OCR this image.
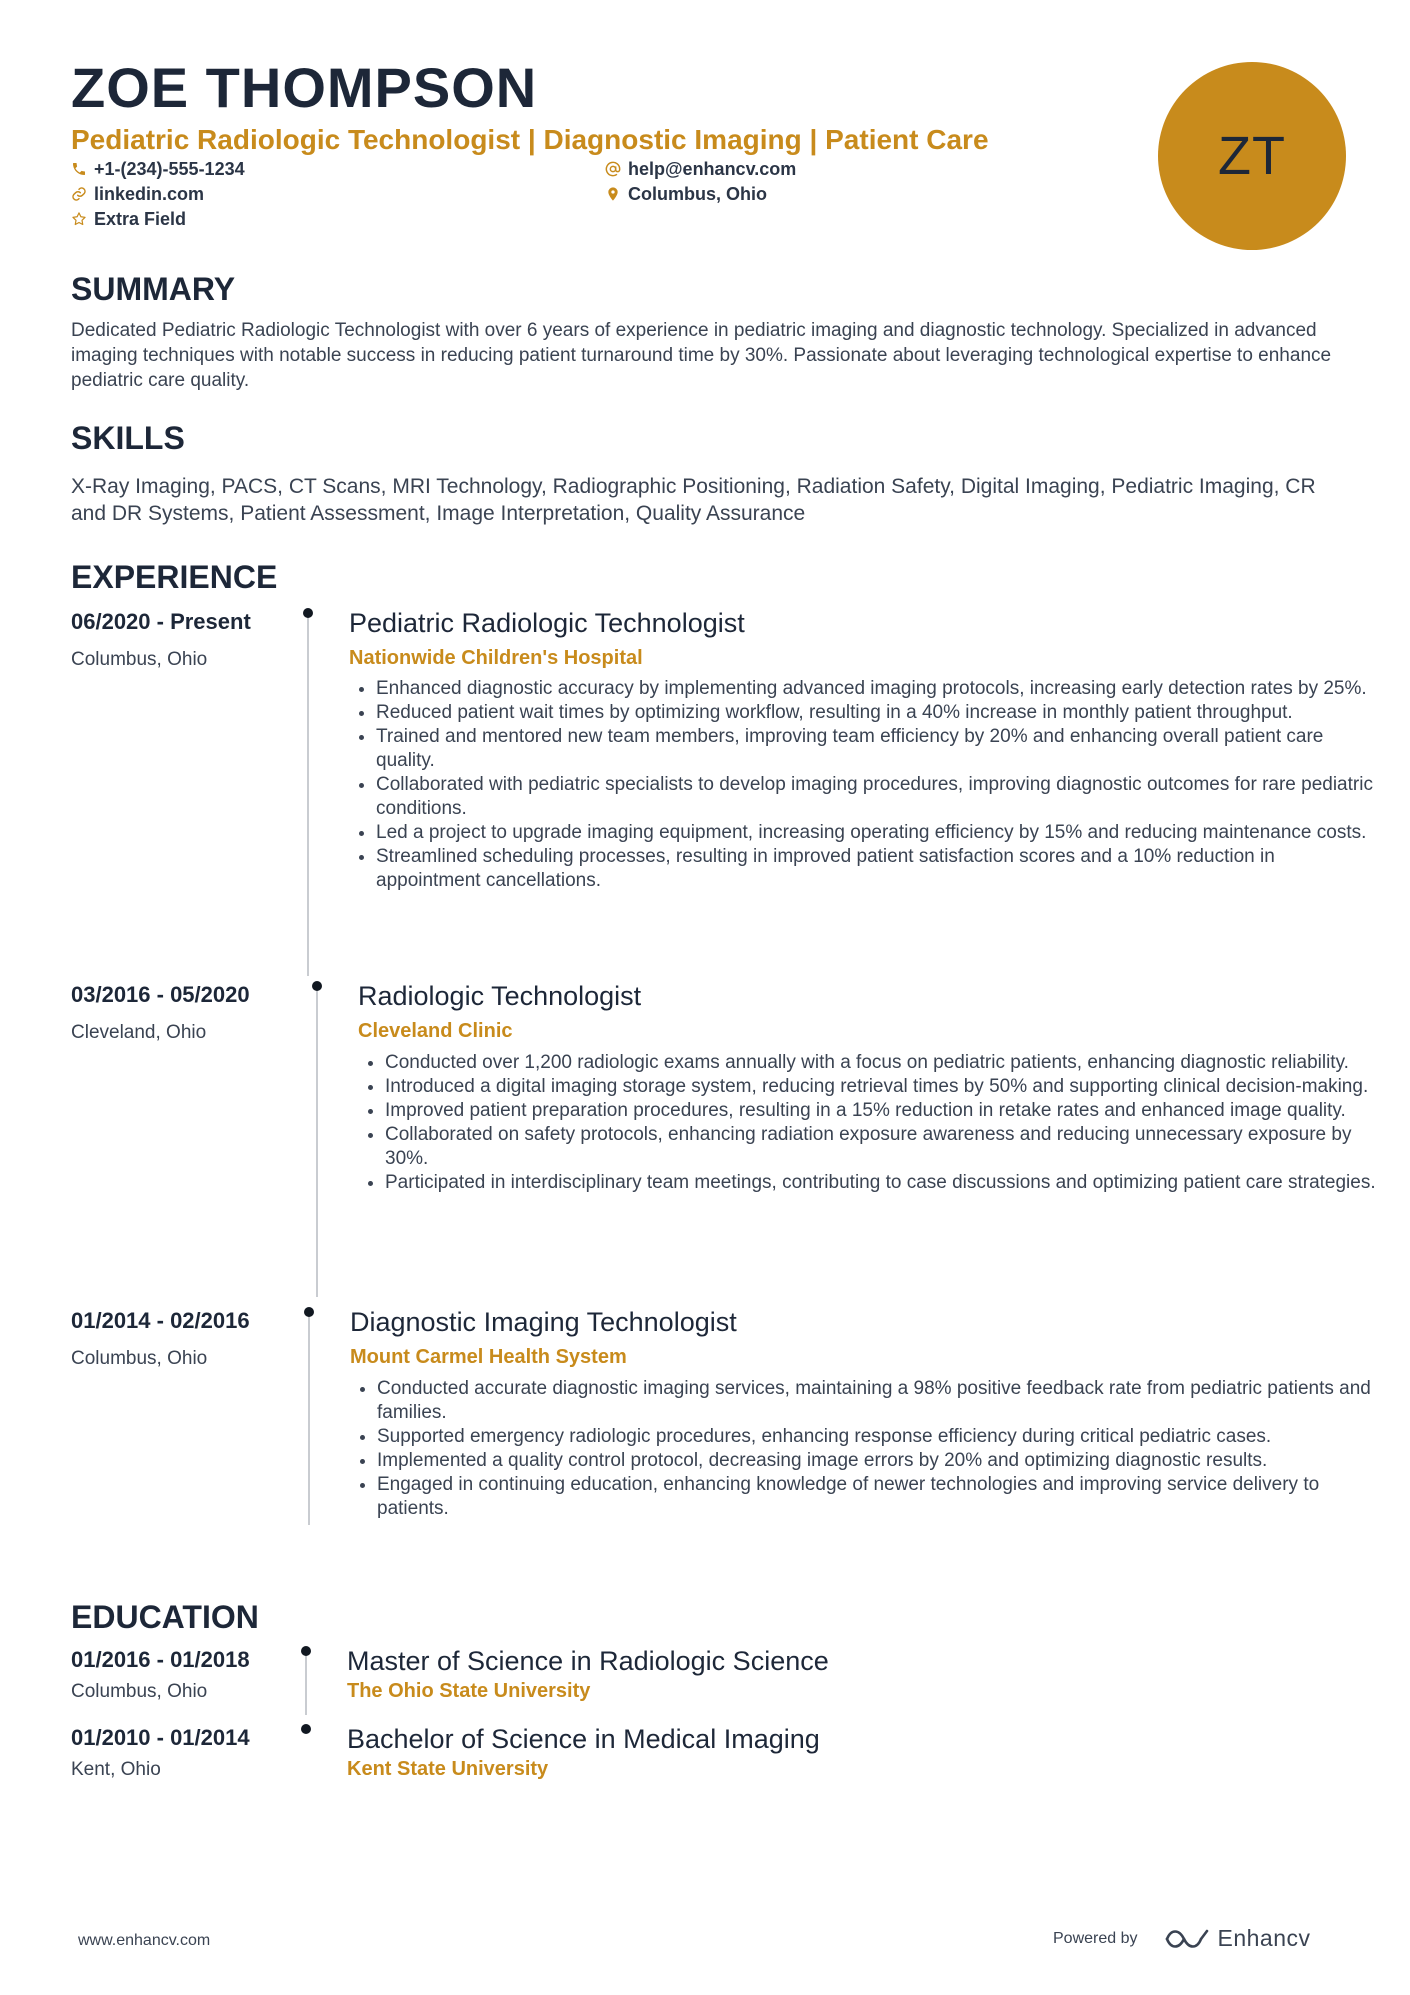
ZOE THOMPSON
Pediatric Radiologic Technologist | Diagnostic Imaging | Patient Care
+1-(234)-555-1234	help@enhancv.com
linkedin.com	Columbus, Ohio
Extra Field
ZT
SUMMARY
Dedicated Pediatric Radiologic Technologist with over 6 years of experience in pediatric imaging and diagnostic technology. Specialized in advanced imaging techniques with notable success in reducing patient turnaround time by 30%. Passionate about leveraging technological expertise to enhance pediatric care quality.
SKILLS
X-Ray Imaging, PACS, CT Scans, MRI Technology, Radiographic Positioning, Radiation Safety, Digital Imaging, Pediatric Imaging, CR and DR Systems, Patient Assessment, Image Interpretation, Quality Assurance
EXPERIENCE
06/2020 - Present
Columbus, Ohio
Pediatric Radiologic Technologist
Nationwide Children's Hospital
• Enhanced diagnostic accuracy by implementing advanced imaging protocols, increasing early detection rates by 25%.
• Reduced patient wait times by optimizing workflow, resulting in a 40% increase in monthly patient throughput.
• Trained and mentored new team members, improving team efficiency by 20% and enhancing overall patient care quality.
• Collaborated with pediatric specialists to develop imaging procedures, improving diagnostic outcomes for rare pediatric conditions.
• Led a project to upgrade imaging equipment, increasing operating efficiency by 15% and reducing maintenance costs.
• Streamlined scheduling processes, resulting in improved patient satisfaction scores and a 10% reduction in appointment cancellations.
03/2016 - 05/2020
Cleveland, Ohio
Radiologic Technologist
Cleveland Clinic
• Conducted over 1,200 radiologic exams annually with a focus on pediatric patients, enhancing diagnostic reliability.
• Introduced a digital imaging storage system, reducing retrieval times by 50% and supporting clinical decision-making.
• Improved patient preparation procedures, resulting in a 15% reduction in retake rates and enhanced image quality.
• Collaborated on safety protocols, enhancing radiation exposure awareness and reducing unnecessary exposure by 30%.
• Participated in interdisciplinary team meetings, contributing to case discussions and optimizing patient care strategies.
01/2014 - 02/2016
Columbus, Ohio
Diagnostic Imaging Technologist
Mount Carmel Health System
• Conducted accurate diagnostic imaging services, maintaining a 98% positive feedback rate from pediatric patients and families.
• Supported emergency radiologic procedures, enhancing response efficiency during critical pediatric cases.
• Implemented a quality control protocol, decreasing image errors by 20% and optimizing diagnostic results.
• Engaged in continuing education, enhancing knowledge of newer technologies and improving service delivery to patients.
EDUCATION
01/2016 - 01/2018
Columbus, Ohio
Master of Science in Radiologic Science
The Ohio State University
01/2010 - 01/2014
Kent, Ohio
Bachelor of Science in Medical Imaging
Kent State University
www.enhancv.com	Powered by	Enhancv
